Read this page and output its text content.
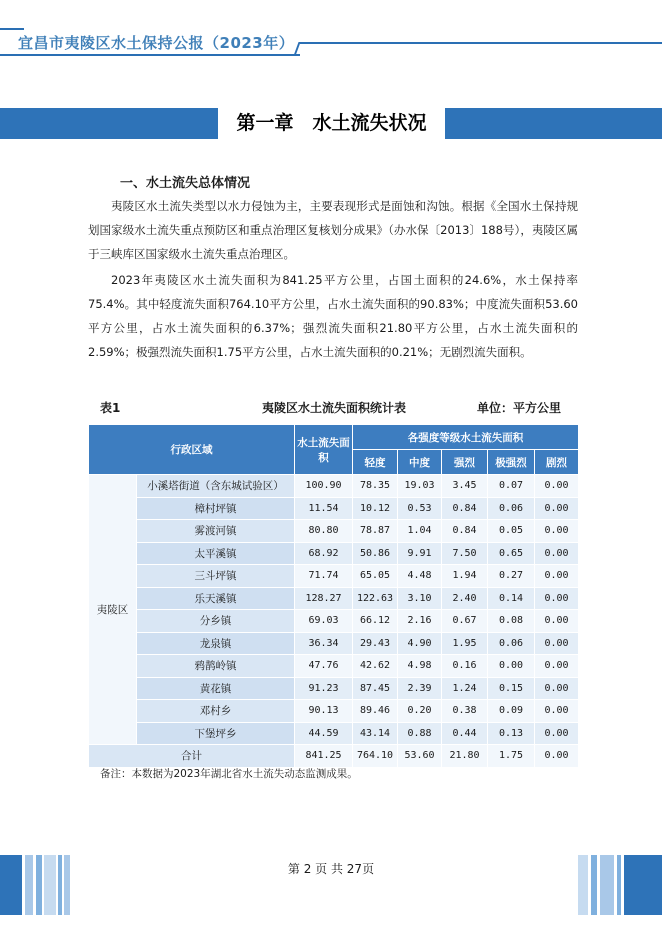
宜昌市夷陵区水土保持公报（2023年）
第一章　水土流失状况
一、水土流失总体情况
夷陵区水土流失类型以水力侵蚀为主，主要表现形式是面蚀和沟蚀。根据《全国水土保持规划国家级水土流失重点预防区和重点治理区复核划分成果》（办水保〔2013〕188号），夷陵区属于三峡库区国家级水土流失重点治理区。
2023年夷陵区水土流失面积为841.25平方公里，占国土面积的24.6%，水土保持率75.4%。其中轻度流失面积764.10平方公里，占水土流失面积的90.83%；中度流失面积53.60平方公里，占水土流失面积的6.37%；强烈流失面积21.80平方公里，占水土流失面积的2.59%；极强烈流失面积1.75平方公里，占水土流失面积的0.21%；无剧烈流失面积。
表1	夷陵区水土流失面积统计表	单位：平方公里
行政区域		水土流失面积	各强度等级水土流失面积				
			轻度	中度	强烈	极强烈	剧烈
夷陵区	小溪塔街道（含东城试验区）	100.90	78.35	19.03	3.45	0.07	0.00
	樟村坪镇	11.54	10.12	0.53	0.84	0.06	0.00
	雾渡河镇	80.80	78.87	1.04	0.84	0.05	0.00
	太平溪镇	68.92	50.86	9.91	7.50	0.65	0.00
	三斗坪镇	71.74	65.05	4.48	1.94	0.27	0.00
	乐天溪镇	128.27	122.63	3.10	2.40	0.14	0.00
	分乡镇	69.03	66.12	2.16	0.67	0.08	0.00
	龙泉镇	36.34	29.43	4.90	1.95	0.06	0.00
	鸦鹊岭镇	47.76	42.62	4.98	0.16	0.00	0.00
	黄花镇	91.23	87.45	2.39	1.24	0.15	0.00
	邓村乡	90.13	89.46	0.20	0.38	0.09	0.00
	下堡坪乡	44.59	43.14	0.88	0.44	0.13	0.00
合计		841.25	764.10	53.60	21.80	1.75	0.00
备注：本数据为2023年湖北省水土流失动态监测成果。
第 2 页 共 27页
